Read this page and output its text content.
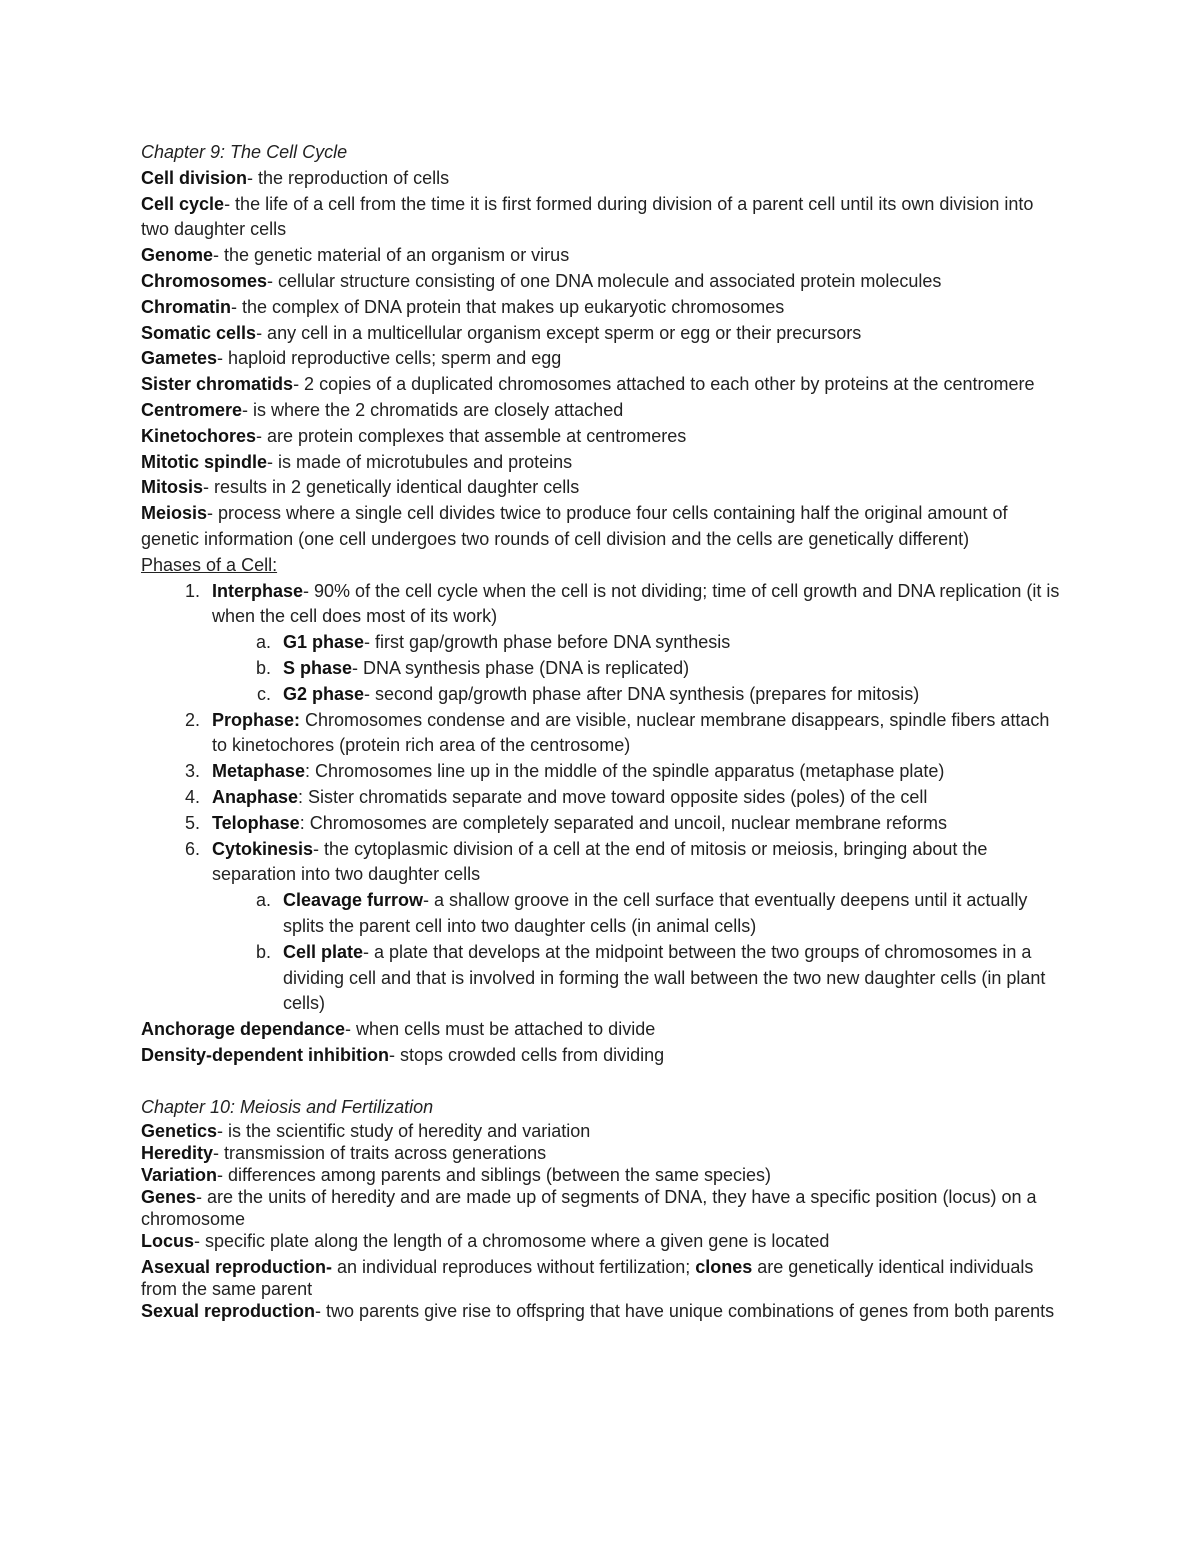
Chapter 9: The Cell Cycle

Cell division- the reproduction of cells

Cell cycle- the life of a cell from the time it is first formed during division of a parent cell until its own division into two daughter cells

Genome- the genetic material of an organism or virus

Chromosomes- cellular structure consisting of one DNA molecule and associated protein molecules

Chromatin- the complex of DNA protein that makes up eukaryotic chromosomes

Somatic cells- any cell in a multicellular organism except sperm or egg or their precursors

Gametes- haploid reproductive cells; sperm and egg

Sister chromatids- 2 copies of a duplicated chromosomes attached to each other by proteins at the centromere

Centromere- is where the 2 chromatids are closely attached

Kinetochores- are protein complexes that assemble at centromeres

Mitotic spindle- is made of microtubules and proteins

Mitosis- results in 2 genetically identical daughter cells

Meiosis- process where a single cell divides twice to produce four cells containing half the original amount of genetic information (one cell undergoes two rounds of cell division and the cells are genetically different)

Phases of a Cell:

1. Interphase- 90% of the cell cycle when the cell is not dividing; time of cell growth and DNA replication (it is when the cell does most of its work)
a. G1 phase- first gap/growth phase before DNA synthesis
b. S phase- DNA synthesis phase (DNA is replicated)
c. G2 phase- second gap/growth phase after DNA synthesis (prepares for mitosis)
2. Prophase: Chromosomes condense and are visible, nuclear membrane disappears, spindle fibers attach to kinetochores (protein rich area of the centrosome)
3. Metaphase: Chromosomes line up in the middle of the spindle apparatus (metaphase plate)
4. Anaphase: Sister chromatids separate and move toward opposite sides (poles) of the cell
5. Telophase: Chromosomes are completely separated and uncoil, nuclear membrane reforms
6. Cytokinesis- the cytoplasmic division of a cell at the end of mitosis or meiosis, bringing about the separation into two daughter cells
a. Cleavage furrow- a shallow groove in the cell surface that eventually deepens until it actually splits the parent cell into two daughter cells (in animal cells)
b. Cell plate- a plate that develops at the midpoint between the two groups of chromosomes in a dividing cell and that is involved in forming the wall between the two new daughter cells (in plant cells)

Anchorage dependance- when cells must be attached to divide

Density-dependent inhibition- stops crowded cells from dividing

Chapter 10: Meiosis and Fertilization

Genetics- is the scientific study of heredity and variation

Heredity- transmission of traits across generations

Variation- differences among parents and siblings (between the same species)

Genes- are the units of heredity and are made up of segments of DNA, they have a specific position (locus) on a chromosome

Locus- specific plate along the length of a chromosome where a given gene is located

Asexual reproduction- an individual reproduces without fertilization; clones are genetically identical individuals from the same parent

Sexual reproduction- two parents give rise to offspring that have unique combinations of genes from both parents
